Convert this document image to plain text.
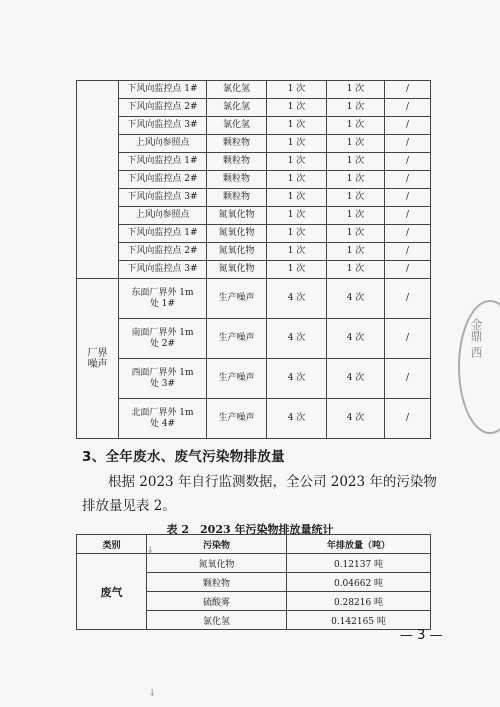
	下风向监控点 1#	氯化氢	1 次	1 次	/
	下风向监控点 2#	氯化氢	1 次	1 次	/
	下风向监控点 3#	氯化氢	1 次	1 次	/
	上风向参照点	颗粒物	1 次	1 次	/
	下风向监控点 1#	颗粒物	1 次	1 次	/
	下风向监控点 2#	颗粒物	1 次	1 次	/
	下风向监控点 3#	颗粒物	1 次	1 次	/
	上风向参照点	氮氧化物	1 次	1 次	/
	下风向监控点 1#	氮氧化物	1 次	1 次	/
	下风向监控点 2#	氮氧化物	1 次	1 次	/
	下风向监控点 3#	氮氧化物	1 次	1 次	/
厂界噪声	东面厂界外 1m 处 1#	生产噪声	4 次	4 次	/
	南面厂界外 1m 处 2#	生产噪声	4 次	4 次	/
	西面厂界外 1m 处 3#	生产噪声	4 次	4 次	/
	北面厂界外 1m 处 4#	生产噪声	4 次	4 次	/
3、全年废水、废气污染物排放量
根据 2023 年自行监测数据，全公司 2023 年的污染物排放量见表 2。
表 2　2023 年污染物排放量统计
类别	污染物	年排放量（吨）
废气	氮氧化物	0.12137 吨
	颗粒物	0.04662 吨
	硫酸雾	0.28216 吨
	氯化氢	0.142165 吨
— 3 —
金鼎 西
⸸
⸸
